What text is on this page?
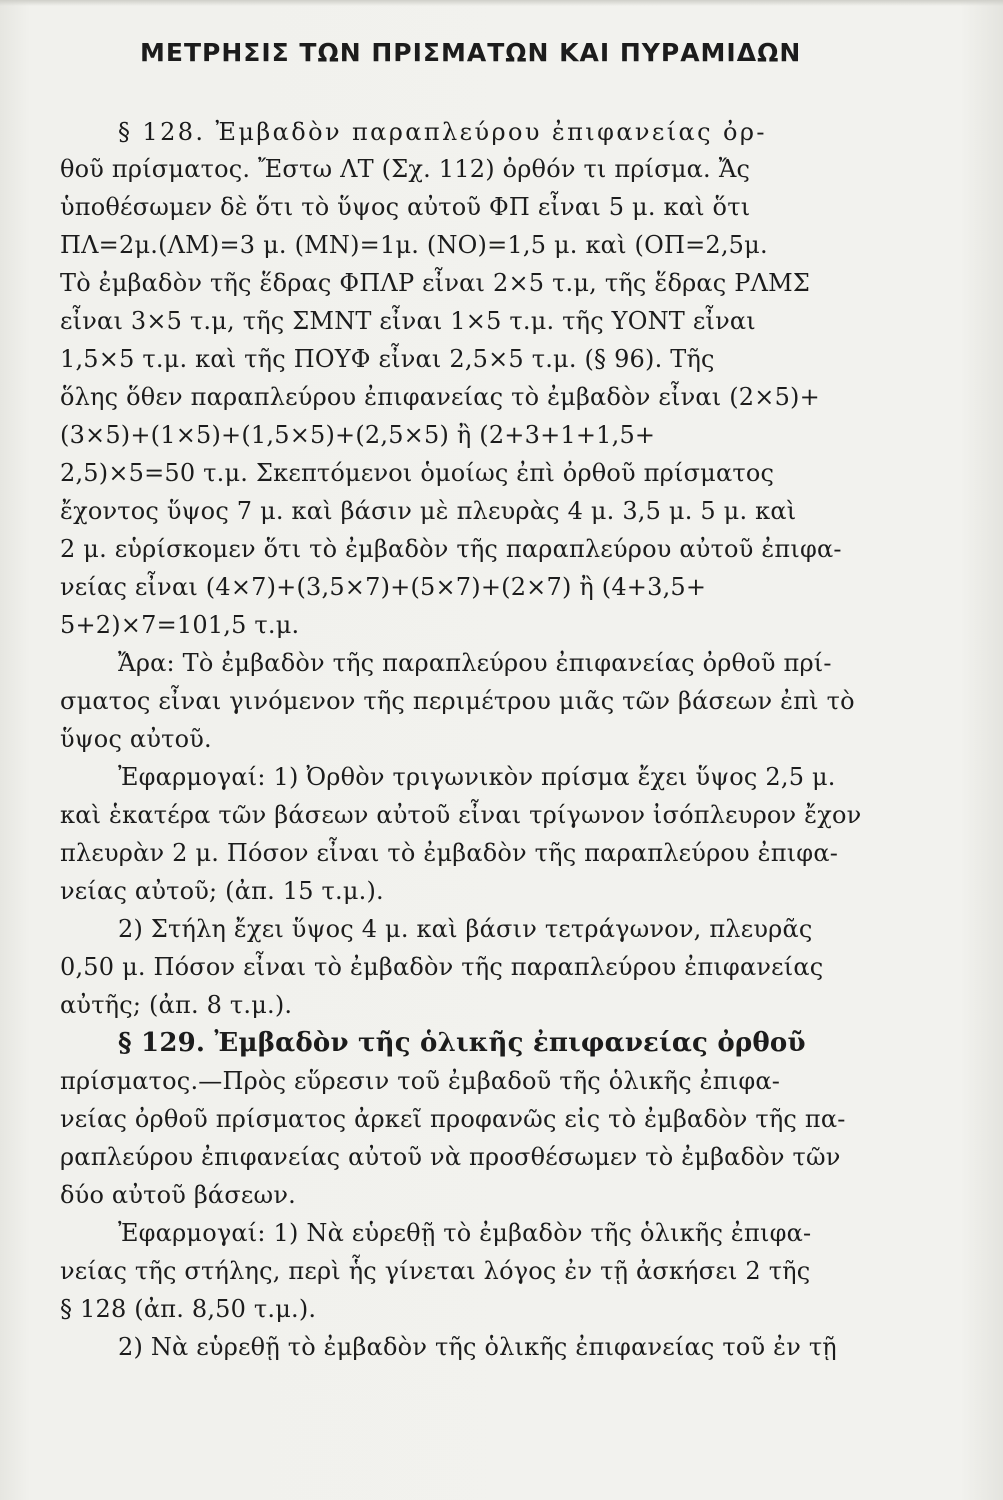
ΜΕΤΡΗΣΙΣ ΤΩΝ ΠΡΙΣΜΑΤΩΝ ΚΑΙ ΠΥΡΑΜΙΔΩΝ
§ 128. Ἐμβαδὸν παραπλεύρου ἐπιφανείας ὀρ-
θοῦ πρίσματος. Ἔστω ΛΤ (Σχ. 112) ὀρθόν τι πρίσμα. Ἄς
ὑποθέσωμεν δὲ ὅτι τὸ ὕψος αὐτοῦ ΦΠ εἶναι 5 μ. καὶ ὅτι
ΠΛ=2μ.(ΛΜ)=3 μ. (ΜΝ)=1μ. (ΝΟ)=1,5 μ. καὶ (ΟΠ=2,5μ.
Τὸ ἐμβαδὸν τῆς ἕδρας ΦΠΛΡ εἶναι 2×5 τ.μ, τῆς ἕδρας ΡΛΜΣ
εἶναι 3×5 τ.μ, τῆς ΣΜΝΤ εἶναι 1×5 τ.μ. τῆς ΥΟΝΤ εἶναι
1,5×5 τ.μ. καὶ τῆς ΠΟΥΦ εἶναι 2,5×5 τ.μ. (§ 96). Τῆς
ὅλης ὅθεν παραπλεύρου ἐπιφανείας τὸ ἐμβαδὸν εἶναι (2×5)+
(3×5)+(1×5)+(1,5×5)+(2,5×5) ἢ (2+3+1+1,5+
2,5)×5=50 τ.μ. Σκεπτόμενοι ὁμοίως ἐπὶ ὀρθοῦ πρίσματος
ἔχοντος ὕψος 7 μ. καὶ βάσιν μὲ πλευρὰς 4 μ. 3,5 μ. 5 μ. καὶ
2 μ. εὑρίσκομεν ὅτι τὸ ἐμβαδὸν τῆς παραπλεύρου αὐτοῦ ἐπιφα-
νείας εἶναι (4×7)+(3,5×7)+(5×7)+(2×7) ἢ (4+3,5+
5+2)×7=101,5 τ.μ.
Ἄρα: Τὸ ἐμβαδὸν τῆς παραπλεύρου ἐπιφανείας ὀρθοῦ πρί-
σματος εἶναι γινόμενον τῆς περιμέτρου μιᾶς τῶν βάσεων ἐπὶ τὸ
ὕψος αὐτοῦ.
Ἐφαρμογαί: 1) Ὀρθὸν τριγωνικὸν πρίσμα ἔχει ὕψος 2,5 μ.
καὶ ἑκατέρα τῶν βάσεων αὐτοῦ εἶναι τρίγωνον ἰσόπλευρον ἔχον
πλευρὰν 2 μ. Πόσον εἶναι τὸ ἐμβαδὸν τῆς παραπλεύρου ἐπιφα-
νείας αὐτοῦ; (ἀπ. 15 τ.μ.).
2) Στήλη ἔχει ὕψος 4 μ. καὶ βάσιν τετράγωνον, πλευρᾶς
0,50 μ. Πόσον εἶναι τὸ ἐμβαδὸν τῆς παραπλεύρου ἐπιφανείας
αὐτῆς; (ἀπ. 8 τ.μ.).
§ 129. Ἐμβαδὸν τῆς ὁλικῆς ἐπιφανείας ὀρθοῦ
πρίσματος.—Πρὸς εὕρεσιν τοῦ ἐμβαδοῦ τῆς ὁλικῆς ἐπιφα-
νείας ὀρθοῦ πρίσματος ἀρκεῖ προφανῶς εἰς τὸ ἐμβαδὸν τῆς πα-
ραπλεύρου ἐπιφανείας αὐτοῦ νὰ προσθέσωμεν τὸ ἐμβαδὸν τῶν
δύο αὐτοῦ βάσεων.
Ἐφαρμογαί: 1) Νὰ εὑρεθῇ τὸ ἐμβαδὸν τῆς ὁλικῆς ἐπιφα-
νείας τῆς στήλης, περὶ ἧς γίνεται λόγος ἐν τῇ ἀσκήσει 2 τῆς
§ 128 (ἀπ. 8,50 τ.μ.).
2) Νὰ εὑρεθῇ τὸ ἐμβαδὸν τῆς ὁλικῆς ἐπιφανείας τοῦ ἐν τῇ
